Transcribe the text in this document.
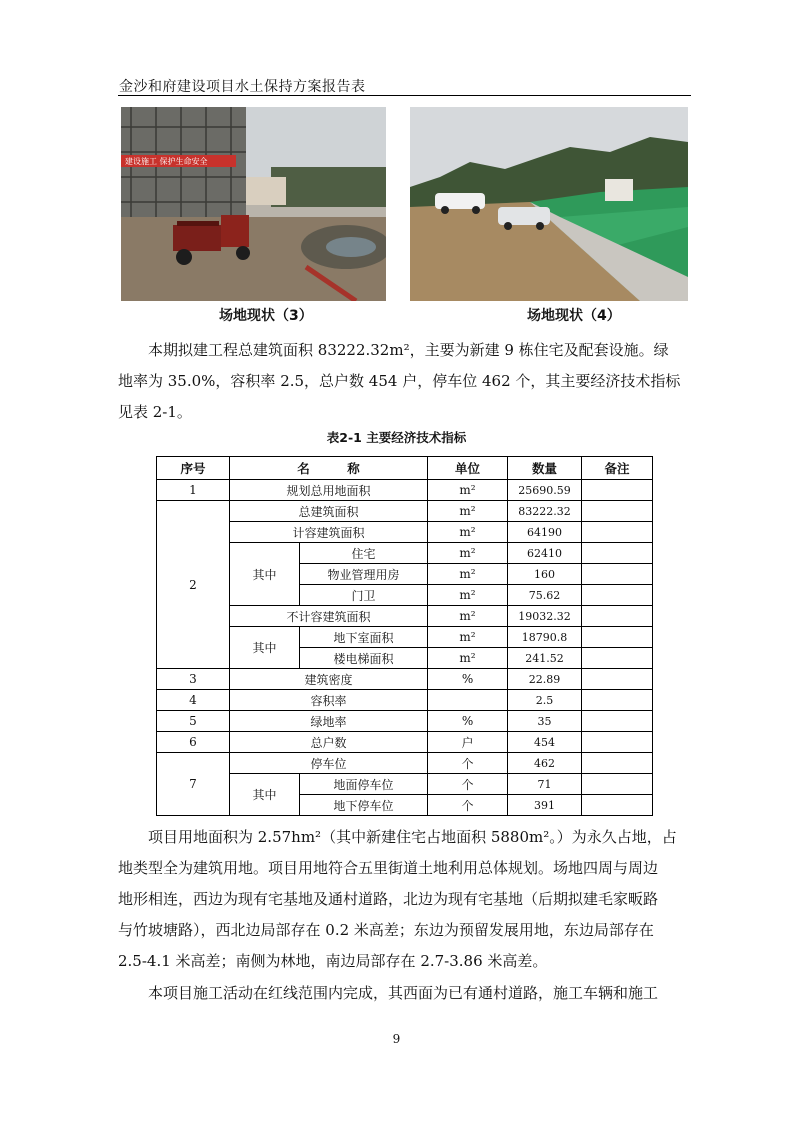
金沙和府建设项目水土保持方案报告表
建设施工 保护生命安全
场地现状（3）	场地现状（4）
本期拟建工程总建筑面积 83222.32m²，主要为新建 9 栋住宅及配套设施。绿
地率为 35.0%，容积率 2.5，总户数 454 户，停车位 462 个，其主要经济技术指标
见表 2-1。
表2-1 主要经济技术指标
序号	名　　　称		单位	数量	备注
1	规划总用地面积		m²	25690.59	
2	总建筑面积		m²	83222.32	
	计容建筑面积		m²	64190	
	其中	住宅	m²	62410	
		物业管理用房	m²	160	
		门卫	m²	75.62	
	不计容建筑面积		m²	19032.32	
	其中	地下室面积	m²	18790.8	
		楼电梯面积	m²	241.52	
3	建筑密度		%	22.89	
4	容积率			2.5	
5	绿地率		%	35	
6	总户数		户	454	
7	停车位		个	462	
	其中	地面停车位	个	71	
		地下停车位	个	391	
项目用地面积为 2.57hm²（其中新建住宅占地面积 5880m²。）为永久占地，占
地类型全为建筑用地。项目用地符合五里街道土地利用总体规划。场地四周与周边
地形相连，西边为现有宅基地及通村道路，北边为现有宅基地（后期拟建毛家畈路
与竹坡塘路），西北边局部存在 0.2 米高差；东边为预留发展用地，东边局部存在
2.5-4.1 米高差；南侧为林地，南边局部存在 2.7-3.86 米高差。
本项目施工活动在红线范围内完成，其西面为已有通村道路，施工车辆和施工
9
